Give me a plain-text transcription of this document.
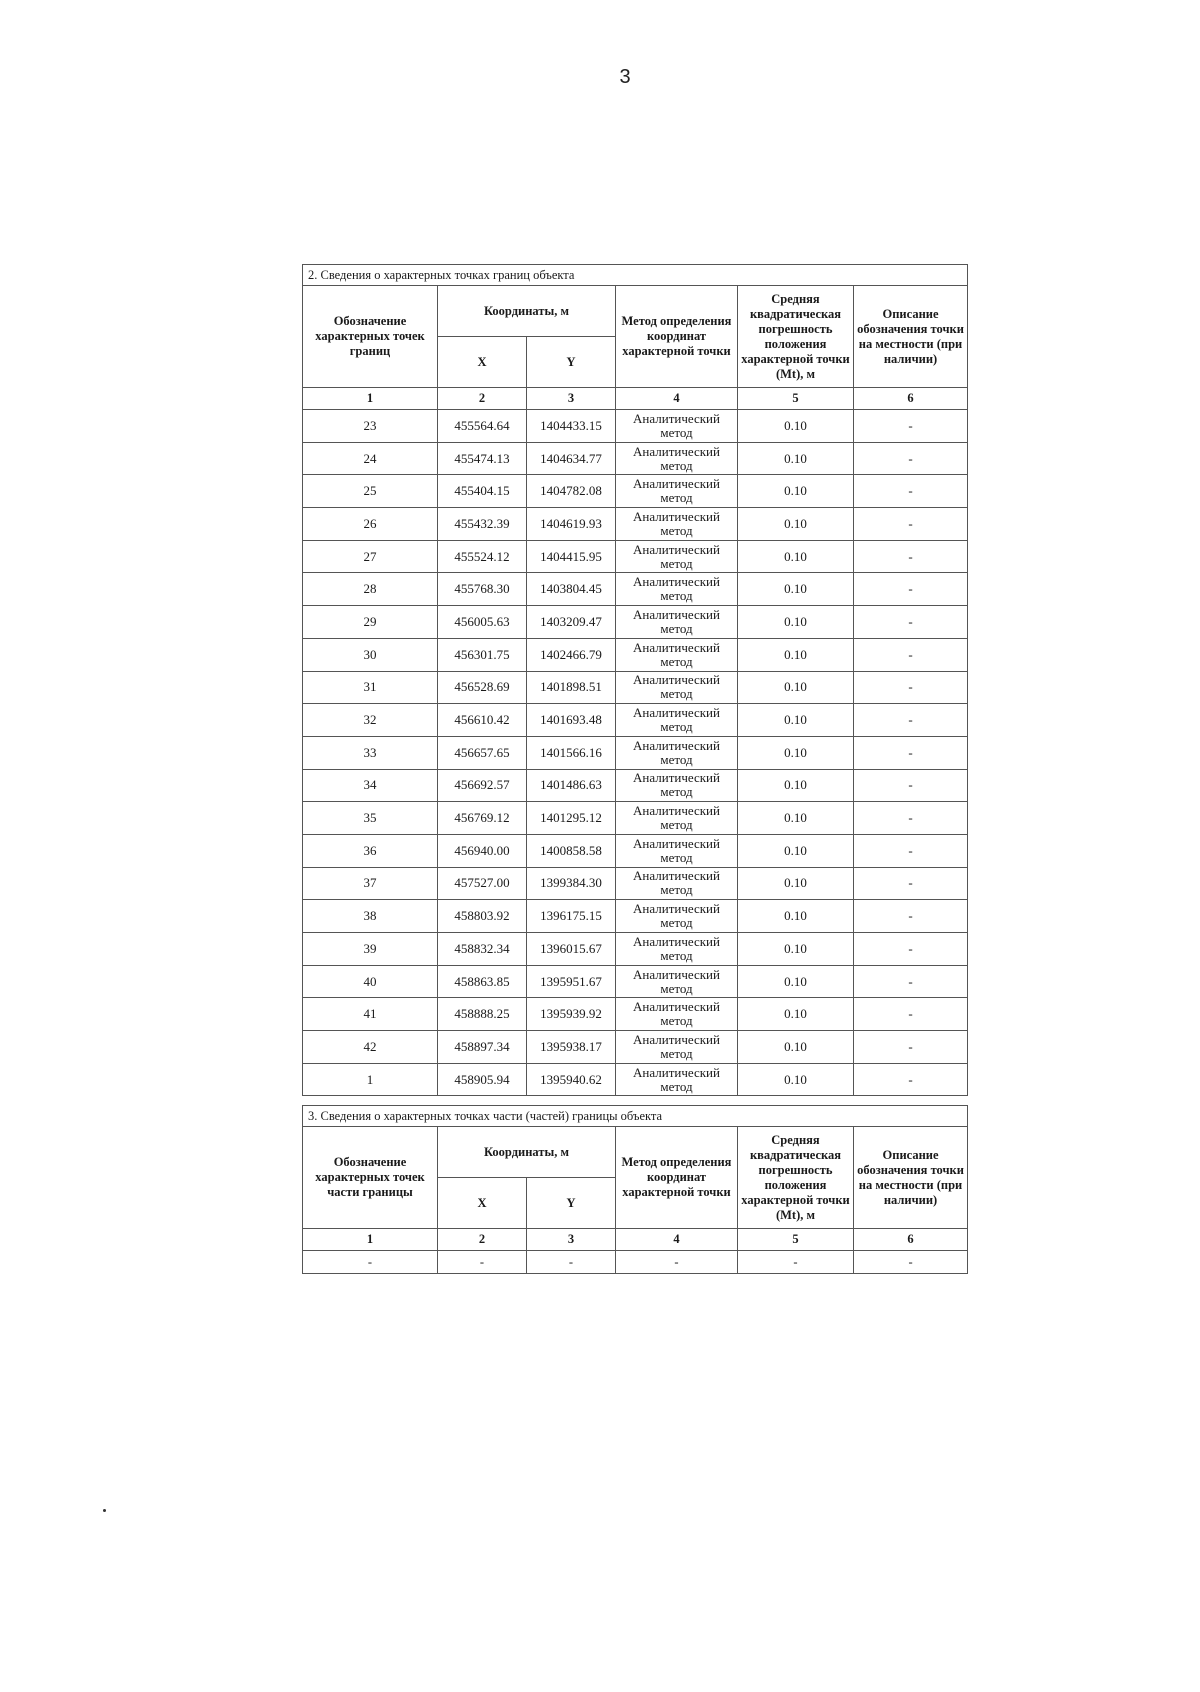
3
2. Сведения о характерных точках границ объекта					
Обозначение характерных точек границ	Координаты, м		Метод определения координат характерной точки	Средняя квадратическая погрешность положения характерной точки (Mt), м	Описание обозначения точки на местности (при наличии)
	X	Y			
1	2	3	4	5	6
23	455564.64	1404433.15	Аналитический метод	0.10	-
24	455474.13	1404634.77	Аналитический метод	0.10	-
25	455404.15	1404782.08	Аналитический метод	0.10	-
26	455432.39	1404619.93	Аналитический метод	0.10	-
27	455524.12	1404415.95	Аналитический метод	0.10	-
28	455768.30	1403804.45	Аналитический метод	0.10	-
29	456005.63	1403209.47	Аналитический метод	0.10	-
30	456301.75	1402466.79	Аналитический метод	0.10	-
31	456528.69	1401898.51	Аналитический метод	0.10	-
32	456610.42	1401693.48	Аналитический метод	0.10	-
33	456657.65	1401566.16	Аналитический метод	0.10	-
34	456692.57	1401486.63	Аналитический метод	0.10	-
35	456769.12	1401295.12	Аналитический метод	0.10	-
36	456940.00	1400858.58	Аналитический метод	0.10	-
37	457527.00	1399384.30	Аналитический метод	0.10	-
38	458803.92	1396175.15	Аналитический метод	0.10	-
39	458832.34	1396015.67	Аналитический метод	0.10	-
40	458863.85	1395951.67	Аналитический метод	0.10	-
41	458888.25	1395939.92	Аналитический метод	0.10	-
42	458897.34	1395938.17	Аналитический метод	0.10	-
1	458905.94	1395940.62	Аналитический метод	0.10	-
3. Сведения о характерных точках части (частей) границы объекта					
Обозначение характерных точек части границы	Координаты, м		Метод определения координат характерной точки	Средняя квадратическая погрешность положения характерной точки (Mt), м	Описание обозначения точки на местности (при наличии)
	X	Y			
1	2	3	4	5	6
-	-	-	-	-	-
